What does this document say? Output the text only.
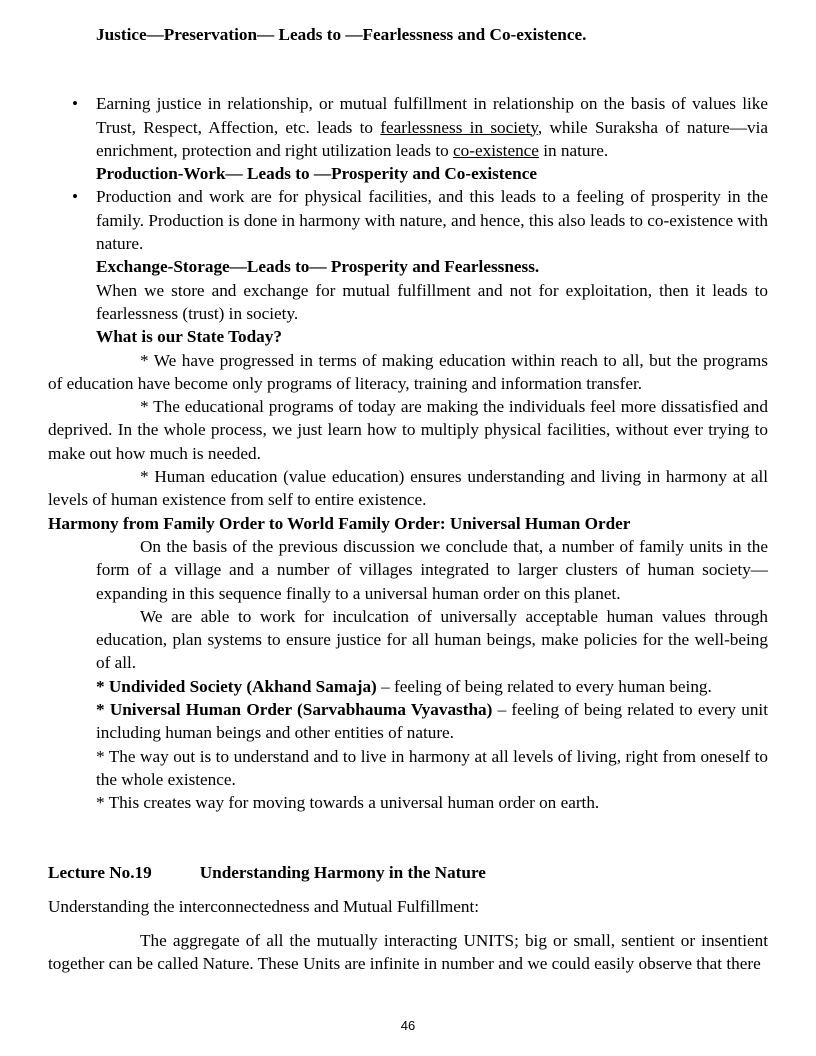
Justice—Preservation— Leads to —Fearlessness and Co-existence.

• Earning justice in relationship, or mutual fulfillment in relationship on the basis of values like Trust, Respect, Affection, etc. leads to fearlessness in society, while Suraksha of nature—via enrichment, protection and right utilization leads to co-existence in nature.

Production-Work— Leads to —Prosperity and Co-existence

• Production and work are for physical facilities, and this leads to a feeling of prosperity in the family. Production is done in harmony with nature, and hence, this also leads to co-existence with nature.

Exchange-Storage—Leads to— Prosperity and Fearlessness.

When we store and exchange for mutual fulfillment and not for exploitation, then it leads to fearlessness (trust) in society.

What is our State Today?

* We have progressed in terms of making education within reach to all, but the programs of education have become only programs of literacy, training and information transfer.

* The educational programs of today are making the individuals feel more dissatisfied and deprived. In the whole process, we just learn how to multiply physical facilities, without ever trying to make out how much is needed.

* Human education (value education) ensures understanding and living in harmony at all levels of human existence from self to entire existence.

Harmony from Family Order to World Family Order: Universal Human Order

On the basis of the previous discussion we conclude that, a number of family units in the form of a village and a number of villages integrated to larger clusters of human society—expanding in this sequence finally to a universal human order on this planet.

We are able to work for inculcation of universally acceptable human values through education, plan systems to ensure justice for all human beings, make policies for the well-being of all.

* Undivided Society (Akhand Samaja) – feeling of being related to every human being.

* Universal Human Order (Sarvabhauma Vyavastha) – feeling of being related to every unit including human beings and other entities of nature.

* The way out is to understand and to live in harmony at all levels of living, right from oneself to the whole existence.

* This creates way for moving towards a universal human order on earth.

Lecture No.19	Understanding Harmony in the Nature

Understanding the interconnectedness and Mutual Fulfillment:

The aggregate of all the mutually interacting UNITS; big or small, sentient or insentient together can be called Nature. These Units are infinite in number and we could easily observe that there

46
